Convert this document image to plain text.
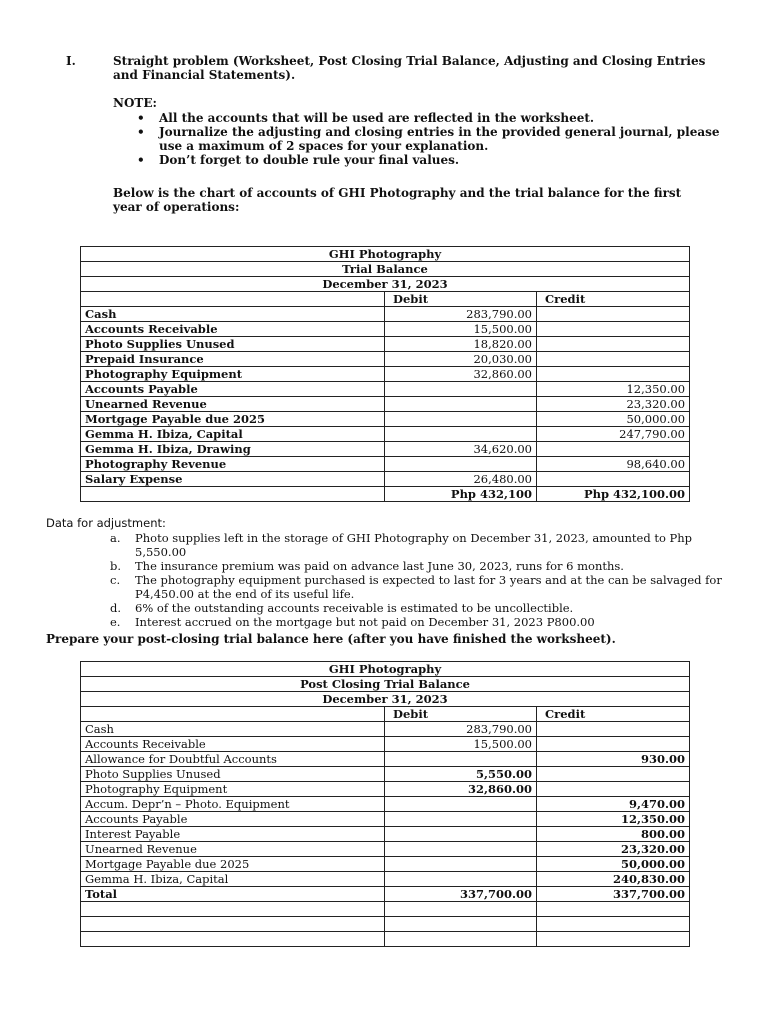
I.	Straight problem (Worksheet, Post Closing Trial Balance, Adjusting and Closing Entries and Financial Statements).
NOTE:
• All the accounts that will be used are reflected in the worksheet.
• Journalize the adjusting and closing entries in the provided general journal, please use a maximum of 2 spaces for your explanation.
• Don’t forget to double rule your final values.
Below is the chart of accounts of GHI Photography and the trial balance for the first year of operations:
GHI Photography		
Trial Balance		
December 31, 2023		
	Debit	Credit
Cash	283,790.00	
Accounts Receivable	15,500.00	
Photo Supplies Unused	18,820.00	
Prepaid Insurance	20,030.00	
Photography Equipment	32,860.00	
Accounts Payable		12,350.00
Unearned Revenue		23,320.00
Mortgage Payable due 2025		50,000.00
Gemma H. Ibiza, Capital		247,790.00
Gemma H. Ibiza, Drawing	34,620.00	
Photography Revenue		98,640.00
Salary Expense	26,480.00	
	Php 432,100	Php 432,100.00
Data for adjustment:
a. Photo supplies left in the storage of GHI Photography on December 31, 2023, amounted to Php 5,550.00
b. The insurance premium was paid on advance last June 30, 2023, runs for 6 months.
c. The photography equipment purchased is expected to last for 3 years and at the can be salvaged for P4,450.00 at the end of its useful life.
d. 6% of the outstanding accounts receivable is estimated to be uncollectible.
e. Interest accrued on the mortgage but not paid on December 31, 2023 P800.00
Prepare your post-closing trial balance here (after you have finished the worksheet).
GHI Photography		
Post Closing Trial Balance		
December 31, 2023		
	Debit	Credit
Cash	283,790.00	
Accounts Receivable	15,500.00	
Allowance for Doubtful Accounts		930.00
Photo Supplies Unused	5,550.00	
Photography Equipment	32,860.00	
Accum. Depr’n – Photo. Equipment		9,470.00
Accounts Payable		12,350.00
Interest Payable		800.00
Unearned Revenue		23,320.00
Mortgage Payable due 2025		50,000.00
Gemma H. Ibiza, Capital		240,830.00
Total	337,700.00	337,700.00
